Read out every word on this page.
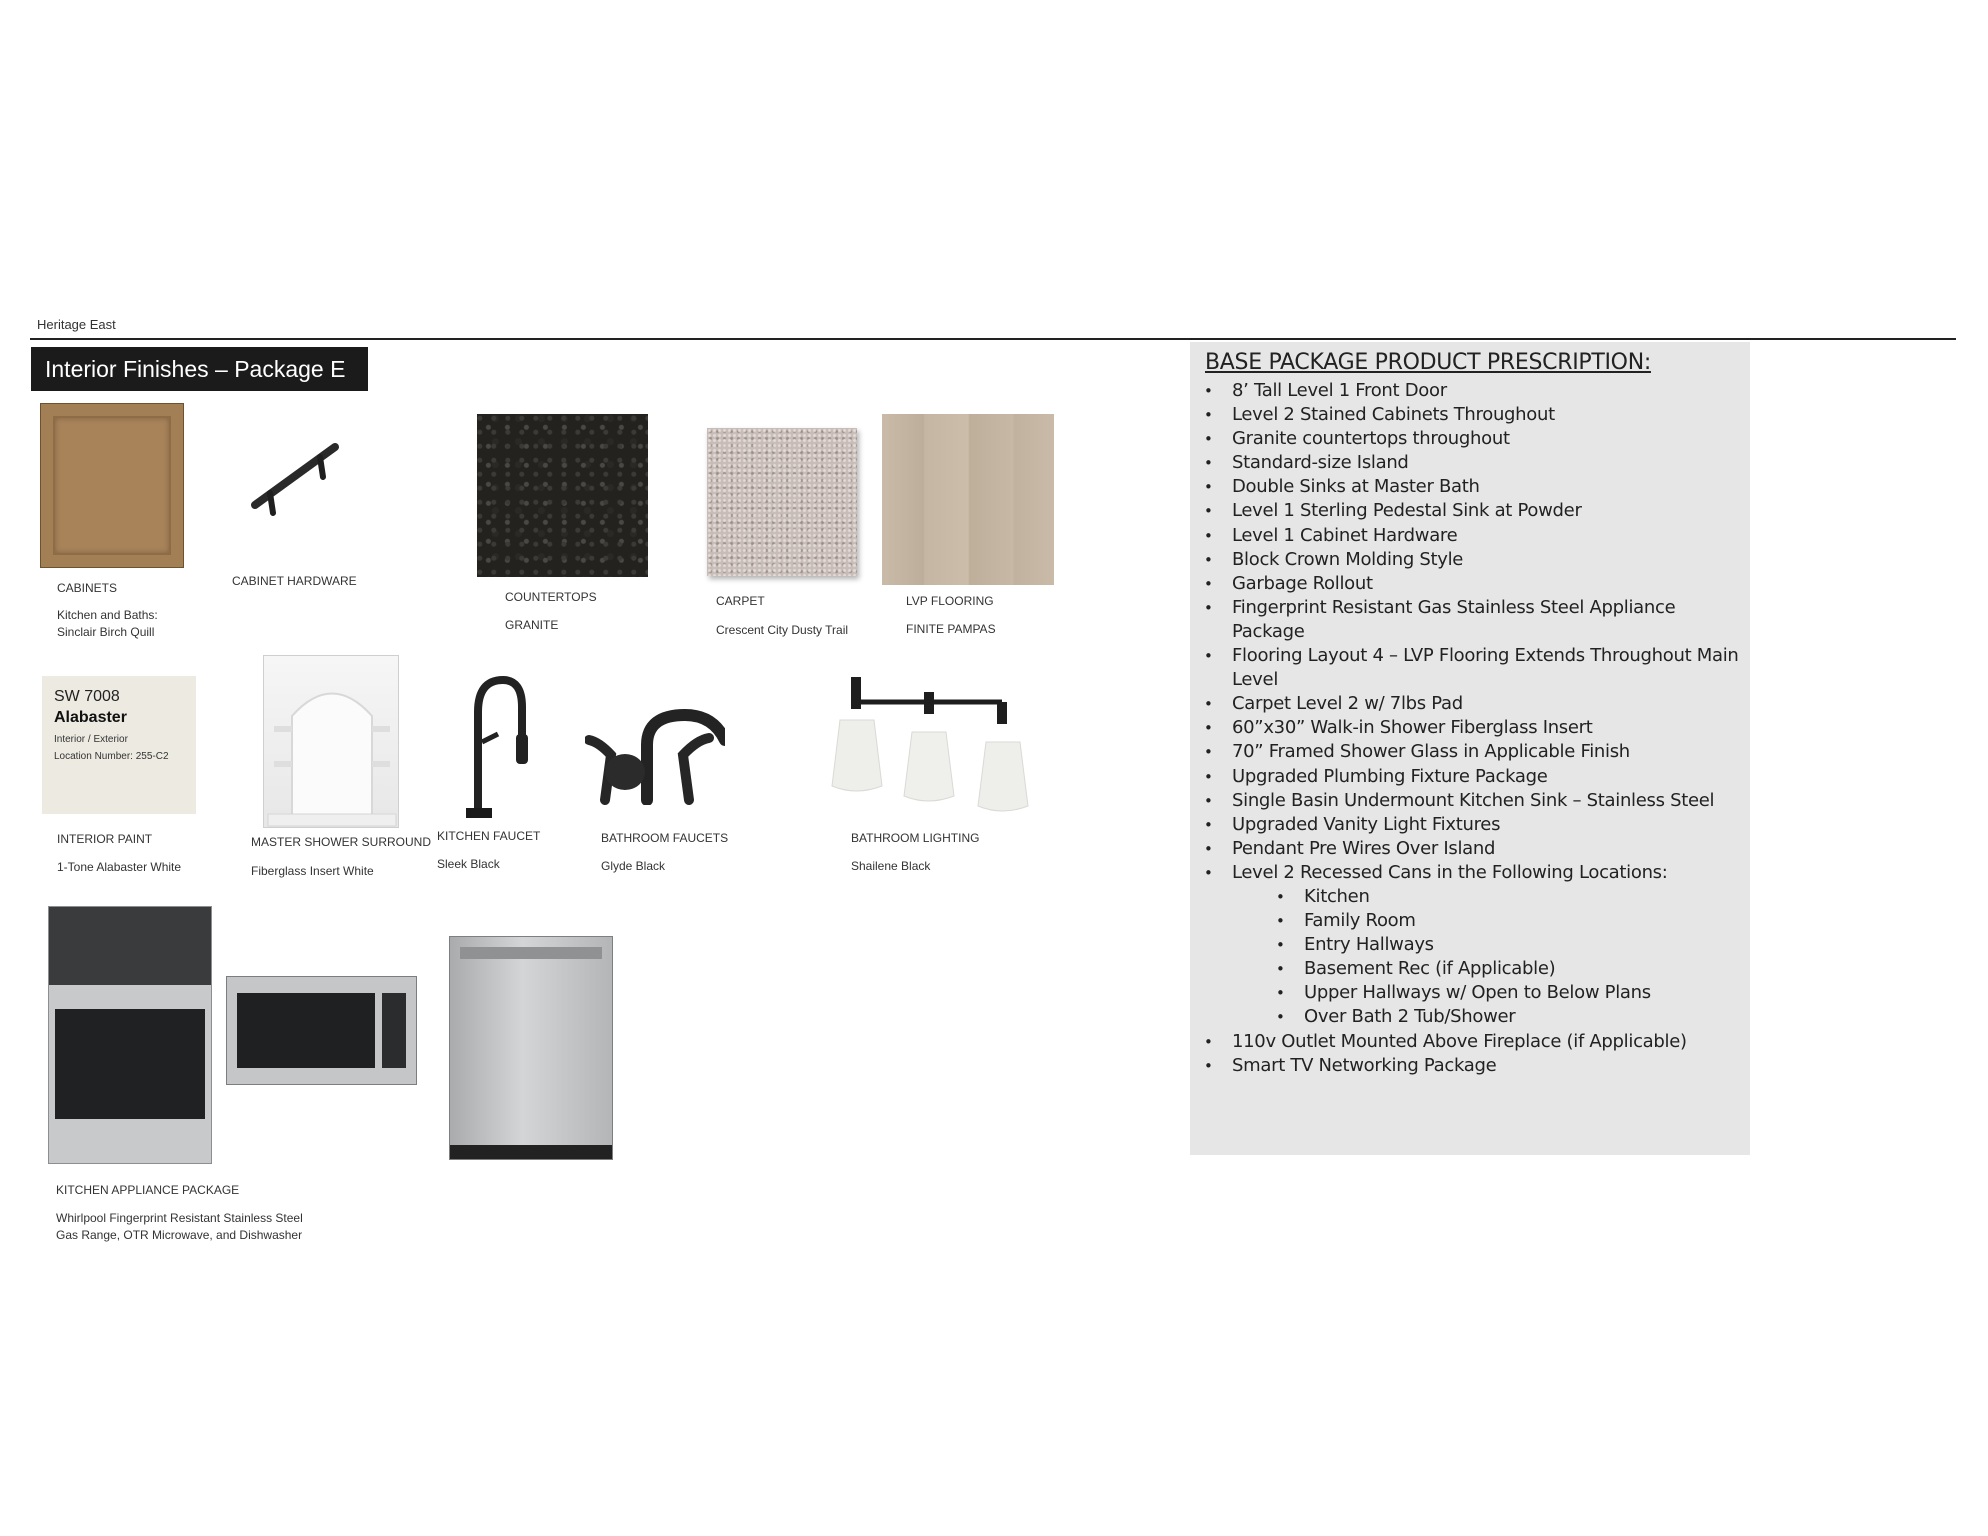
Heritage East
Interior Finishes – Package E
CABINETS
Kitchen and Baths:
Sinclair Birch Quill
CABINET HARDWARE
COUNTERTOPS
GRANITE
CARPET
Crescent City Dusty Trail
LVP FLOORING
FINITE PAMPAS
SW 7008
Alabaster
Interior / Exterior
Location Number: 255-C2
INTERIOR PAINT
1-Tone Alabaster White
MASTER SHOWER SURROUND
Fiberglass Insert White
KITCHEN FAUCET
Sleek Black
BATHROOM FAUCETS
Glyde Black
BATHROOM LIGHTING
Shailene Black
KITCHEN APPLIANCE PACKAGE
Whirlpool Fingerprint Resistant Stainless Steel
Gas Range, OTR Microwave, and Dishwasher
BASE PACKAGE PRODUCT PRESCRIPTION:
• 8’ Tall Level 1 Front Door
• Level 2 Stained Cabinets Throughout
• Granite countertops throughout
• Standard-size Island
• Double Sinks at Master Bath
• Level 1 Sterling Pedestal Sink at Powder
• Level 1 Cabinet Hardware
• Block Crown Molding Style
• Garbage Rollout
• Fingerprint Resistant Gas Stainless Steel Appliance Package
• Flooring Layout 4 – LVP Flooring Extends Throughout Main Level
• Carpet Level 2 w/ 7lbs Pad
• 60”x30” Walk-in Shower Fiberglass Insert
• 70” Framed Shower Glass in Applicable Finish
• Upgraded Plumbing Fixture Package
• Single Basin Undermount Kitchen Sink – Stainless Steel
• Upgraded Vanity Light Fixtures
• Pendant Pre Wires Over Island
• Level 2 Recessed Cans in the Following Locations:
• Kitchen
• Family Room
• Entry Hallways
• Basement Rec (if Applicable)
• Upper Hallways w/ Open to Below Plans
• Over Bath 2 Tub/Shower
• 110v Outlet Mounted Above Fireplace (if Applicable)
• Smart TV Networking Package
